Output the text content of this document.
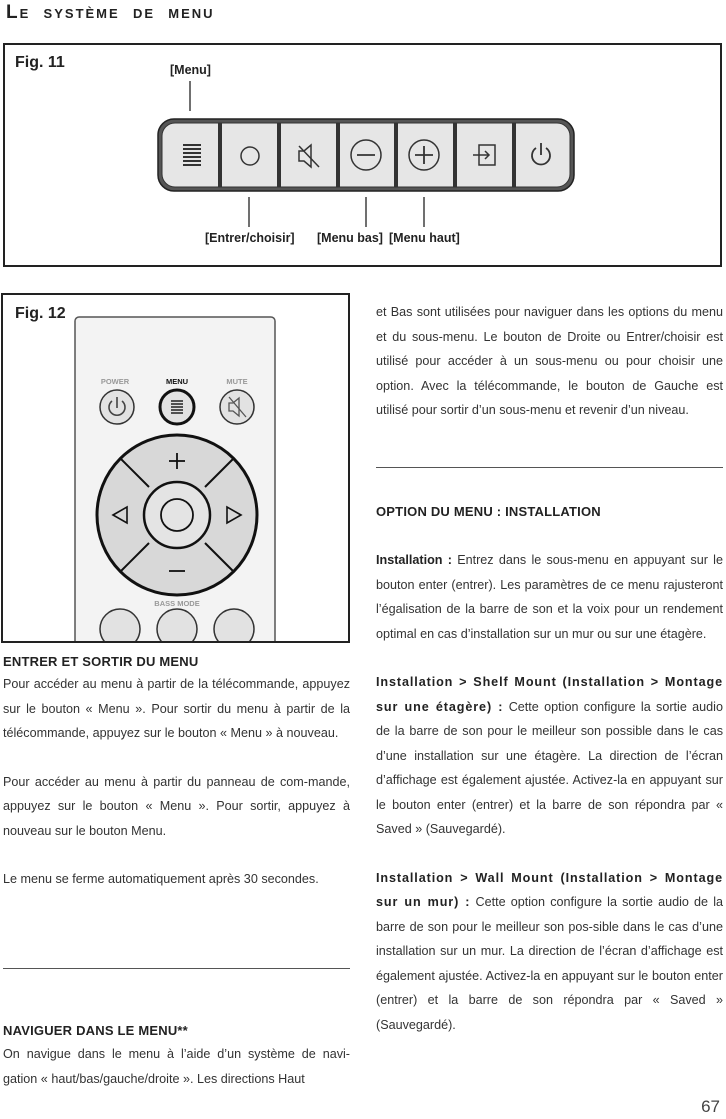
Le système de menu
Fig. 11	[Menu]
[Entrer/choisir] [Menu bas] [Menu haut]
POWER	MENU	MUTE
BASS MODE
Fig. 12
ENTRER ET SORTIR DU MENU

Pour accéder au menu à partir de la télécommande, appuyez sur le bouton « Menu ». Pour sortir du menu à partir de la télécommande, appuyez sur le bouton « Menu » à nouveau.

Pour accéder au menu à partir du panneau de com-mande, appuyez sur le bouton « Menu ». Pour sortir, appuyez à nouveau sur le bouton Menu.

Le menu se ferme automatiquement après 30 secondes.

NAVIGUER DANS LE MENU**

On navigue dans le menu à l’aide d’un système de navi-gation « haut/bas/gauche/droite ». Les directions Haut

et Bas sont utilisées pour naviguer dans les options du menu et du sous-menu. Le bouton de Droite ou Entrer/choisir est utilisé pour accéder à un sous-menu ou pour choisir une option. Avec la télécommande, le bouton de Gauche est utilisé pour sortir d’un sous-menu et revenir d’un niveau.

OPTION DU MENU : INSTALLATION

Installation : Entrez dans le sous-menu en appuyant sur le bouton enter (entrer). Les paramètres de ce menu rajusteront l’égalisation de la barre de son et la voix pour un rendement optimal en cas d’installation sur un mur ou sur une étagère.

Installation > Shelf Mount (Installation > Montage sur une étagère) : Cette option configure la sortie audio de la barre de son pour le meilleur son possible dans le cas d’une installation sur une étagère. La direction de l’écran d’affichage est également ajustée. Activez-la en appuyant sur le bouton enter (entrer) et la barre de son répondra par « Saved » (Sauvegardé).

Installation > Wall Mount (Installation > Montage sur un mur) : Cette option configure la sortie audio de la barre de son pour le meilleur son pos-sible dans le cas d’une installation sur un mur. La direction de l’écran d’affichage est également ajustée. Activez-la en appuyant sur le bouton enter (entrer) et la barre de son répondra par « Saved » (Sauvegardé).

67
